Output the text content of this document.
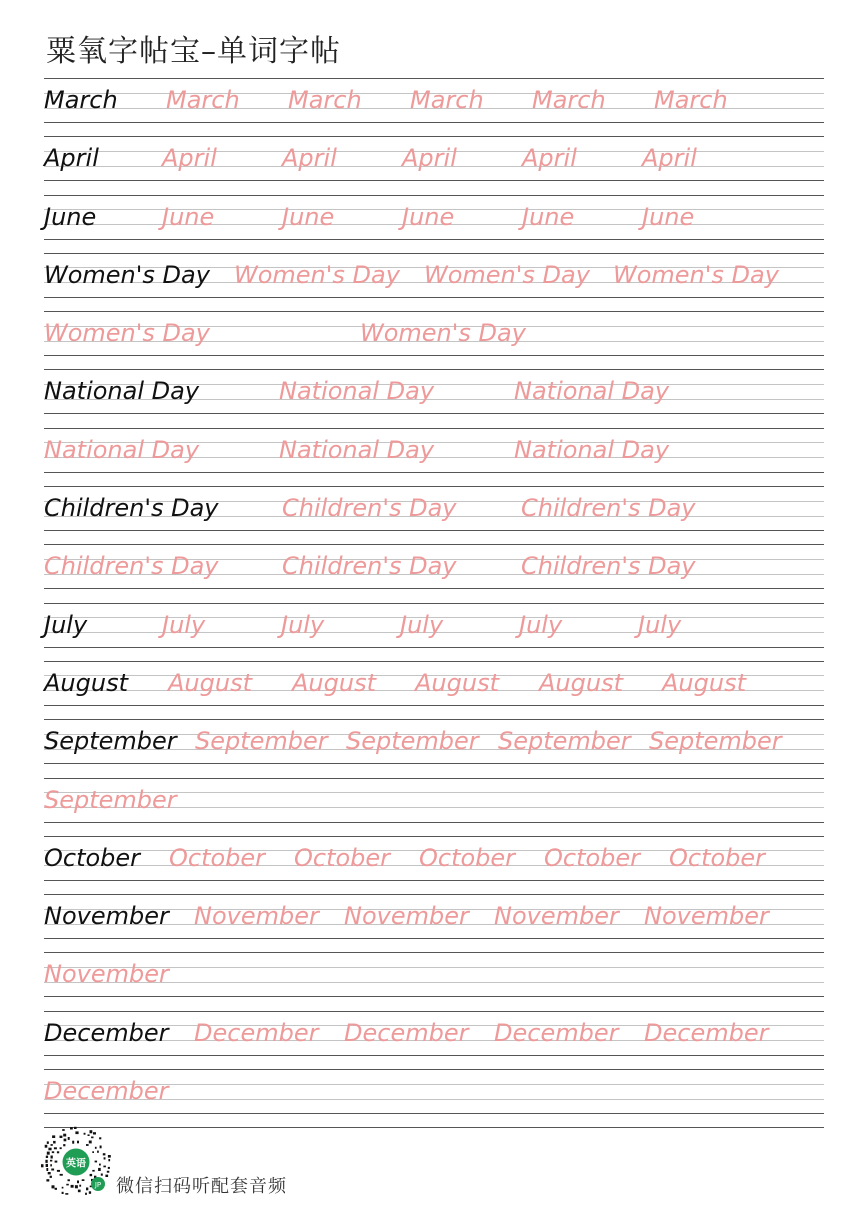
粟氧字帖宝–单词字帖
March March March March March March
April	April	April	April	April	April
June	June	June	June	June	June
Women's Day Women's Day Women's Day Women's Day
Women's Day	Women's Day
National Day	National Day	National Day
National Day	National Day	National Day
Children's Day	Children's Day	Children's Day
Children's Day	Children's Day	Children's Day
July	July	July	July	July	July
August August August August August August
September September September September September
September
October October October October October October
November November November November November
November
December December December December December
December
英语
JP 微信扫码听配套音频
